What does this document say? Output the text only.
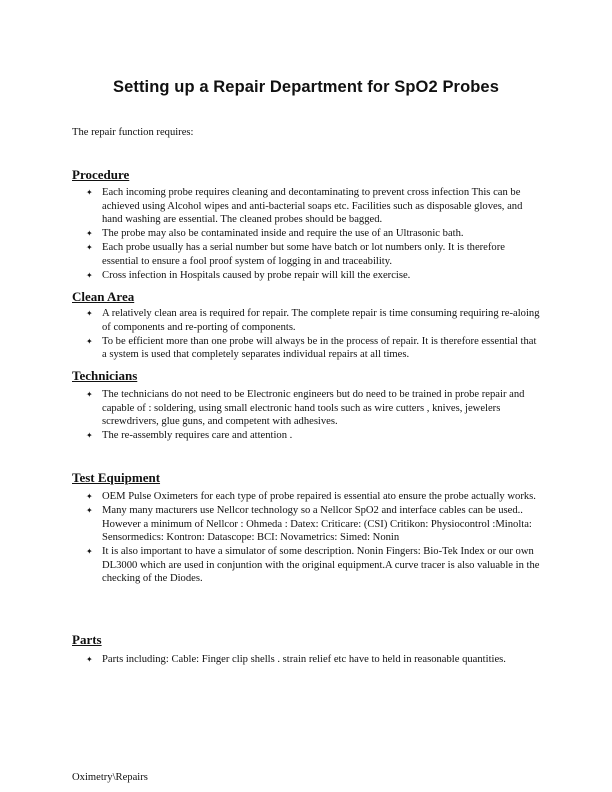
Setting up a Repair Department for SpO2 Probes
The repair function requires:
Procedure
✦ Each incoming probe requires cleaning and decontaminating to prevent cross infection This can be achieved using Alcohol wipes and anti-bacterial soaps etc. Facilities such as disposable gloves, and hand washing are essential. The cleaned probes should be bagged.
✦ The probe may also be contaminated inside and require the use of an Ultrasonic bath.
✦ Each probe usually has a serial number but some have batch or lot numbers only. It is therefore essential to ensure a fool proof system of logging in and traceability.
✦ Cross infection in Hospitals caused by probe repair will kill the exercise.
Clean Area
✦ A relatively clean area is required for repair. The complete repair is time consuming requiring re-aloing of components and re-porting of components.
✦ To be efficient more than one probe will always be in the process of repair. It is therefore essential that a system is used that completely separates individual repairs at all times.
Technicians
✦ The technicians do not need to be Electronic engineers but do need to be trained in probe repair and capable of : soldering, using small electronic hand tools such as wire cutters , knives, jewelers screwdrivers, glue guns, and competent with adhesives.
✦ The re-assembly requires care and attention .
Test Equipment
✦ OEM Pulse Oximeters for each type of probe repaired is essential ato ensure the probe actually works.
✦ Many many macturers use Nellcor technology so a Nellcor SpO2 and interface cables can be used.. However a minimum of Nellcor : Ohmeda : Datex: Criticare: (CSI) Critikon: Physiocontrol :Minolta: Sensormedics: Kontron: Datascope: BCI: Novametrics: Simed: Nonin
✦ It is also important to have a simulator of some description. Nonin Fingers: Bio-Tek Index or our own DL3000 which are used in conjuntion with the original equipment.A curve tracer is also valuable in the checking of the Diodes.
Parts
✦ Parts including: Cable: Finger clip shells . strain relief etc have to held in reasonable quantities.
Oximetry\Repairs
